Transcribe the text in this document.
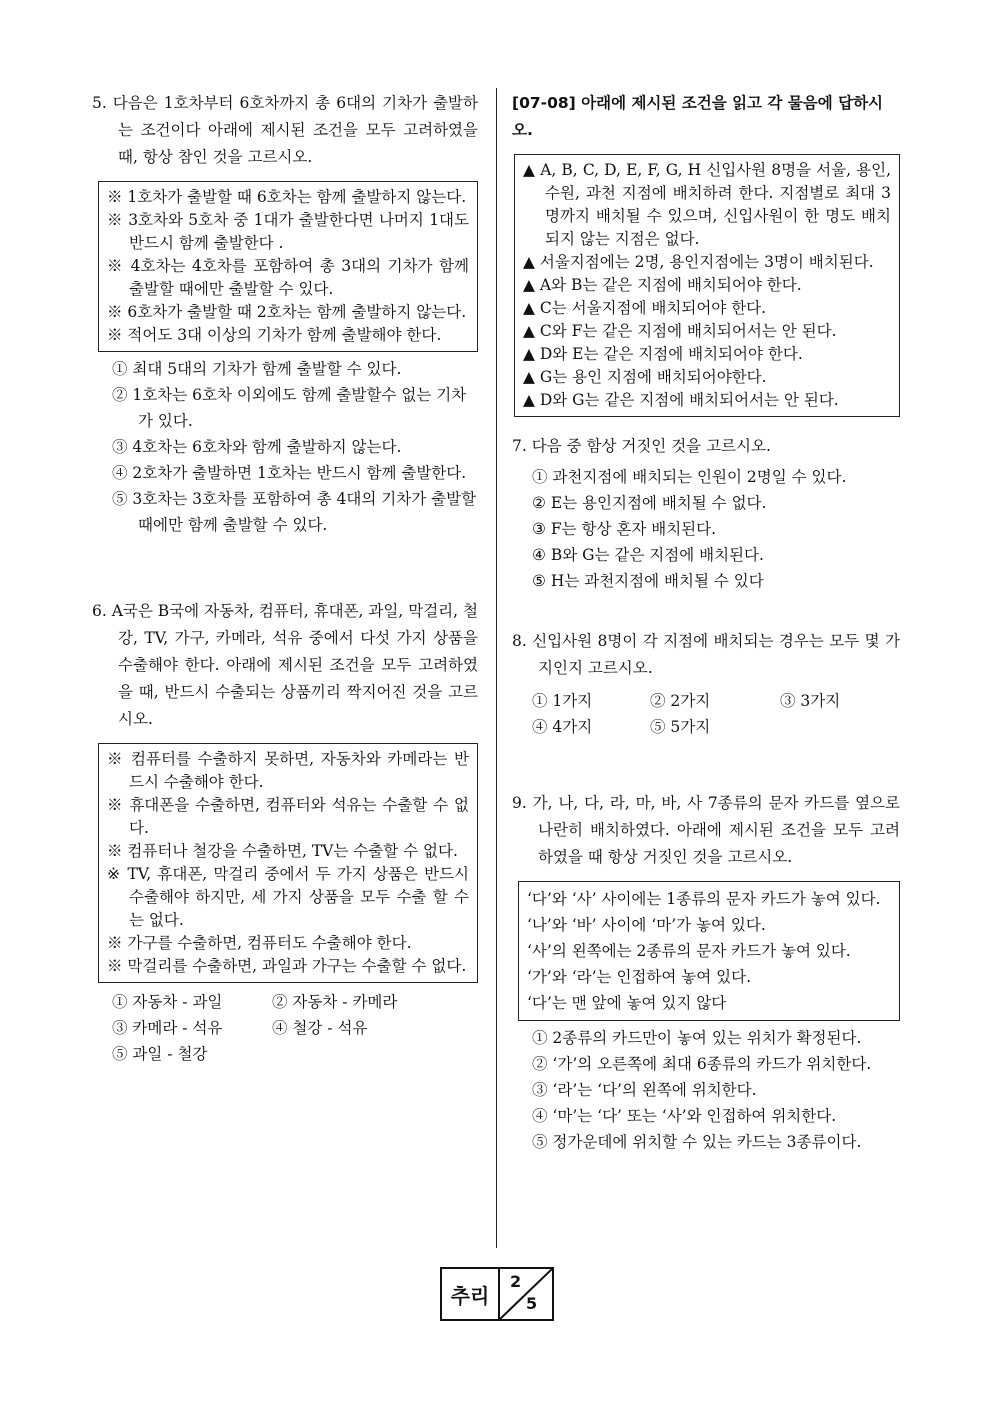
5. 다음은 1호차부터 6호차까지 총 6대의 기차가 출발하는 조건이다 아래에 제시된 조건을 모두 고려하였을 때, 항상 참인 것을 고르시오.

※ 1호차가 출발할 때 6호차는 함께 출발하지 않는다.

※ 3호차와 5호차 중 1대가 출발한다면 나머지 1대도 반드시 함께 출발한다 .

※ 4호차는 4호차를 포함하여 총 3대의 기차가 함께 출발할 때에만 출발할 수 있다.

※ 6호차가 출발할 때 2호차는 함께 출발하지 않는다.

※ 적어도 3대 이상의 기차가 함께 출발해야 한다.

① 최대 5대의 기차가 함께 출발할 수 있다.

② 1호차는 6호차 이외에도 함께 출발할수 없는 기차가 있다.

③ 4호차는 6호차와 함께 출발하지 않는다.

④ 2호차가 출발하면 1호차는 반드시 함께 출발한다.

⑤ 3호차는 3호차를 포함하여 총 4대의 기차가 출발할 때에만 함께 출발할 수 있다.

6. A국은 B국에 자동차, 컴퓨터, 휴대폰, 과일, 막걸리, 철강, TV, 가구, 카메라, 석유 중에서 다섯 가지 상품을 수출해야 한다. 아래에 제시된 조건을 모두 고려하였을 때, 반드시 수출되는 상품끼리 짝지어진 것을 고르시오.

※ 컴퓨터를 수출하지 못하면, 자동차와 카메라는 반드시 수출해야 한다.

※ 휴대폰을 수출하면, 컴퓨터와 석유는 수출할 수 없다.

※ 컴퓨터나 철강을 수출하면, TV는 수출할 수 없다.

※ TV, 휴대폰, 막걸리 중에서 두 가지 상품은 반드시 수출해야 하지만, 세 가지 상품을 모두 수출 할 수는 없다.

※ 가구를 수출하면, 컴퓨터도 수출해야 한다.

※ 막걸리를 수출하면, 과일과 가구는 수출할 수 없다.

① 자동차 - 과일	② 자동차 - 카메라
③ 카메라 - 석유	④ 철강 - 석유
⑤ 과일 - 철강

[07-08] 아래에 제시된 조건을 읽고 각 물음에 답하시오.

▲ A, B, C, D, E, F, G, H 신입사원 8명을 서울, 용인, 수원, 과천 지점에 배치하려 한다. 지점별로 최대 3명까지 배치될 수 있으며, 신입사원이 한 명도 배치되지 않는 지점은 없다.

▲ 서울지점에는 2명, 용인지점에는 3명이 배치된다.

▲ A와 B는 같은 지점에 배치되어야 한다.

▲ C는 서울지점에 배치되어야 한다.

▲ C와 F는 같은 지점에 배치되어서는 안 된다.

▲ D와 E는 같은 지점에 배치되어야 한다.

▲ G는 용인 지점에 배치되어야한다.

▲ D와 G는 같은 지점에 배치되어서는 안 된다.

7. 다음 중 함상 거짓인 것을 고르시오.

① 과천지점에 배치되는 인원이 2명일 수 있다.

② E는 용인지점에 배치될 수 없다.

③ F는 항상 혼자 배치된다.

④ B와 G는 같은 지점에 배치된다.

⑤ H는 과천지점에 배치될 수 있다

8. 신입사원 8명이 각 지점에 배치되는 경우는 모두 몇 가지인지 고르시오.

① 1가지	② 2가지	③ 3가지
④ 4가지	⑤ 5가지

9. 가, 나, 다, 라, 마, 바, 사 7종류의 문자 카드를 옆으로 나란히 배치하였다. 아래에 제시된 조건을 모두 고려하였을 때 항상 거짓인 것을 고르시오.

‘다’와 ‘사’ 사이에는 1종류의 문자 카드가 놓여 있다.

‘나’와 ‘바’ 사이에 ‘마’가 놓여 있다.

‘사’의 왼쪽에는 2종류의 문자 카드가 놓여 있다.

‘가’와 ‘라’는 인접하여 놓여 있다.

‘다’는 맨 앞에 놓여 있지 않다

① 2종류의 카드만이 놓여 있는 위치가 확정된다.

② ‘가’의 오른쪽에 최대 6종류의 카드가 위치한다.

③ ‘라’는 ‘다’의 왼쪽에 위치한다.

④ ‘마’는 ‘다’ 또는 ‘사’와 인접하여 위치한다.

⑤ 정가운데에 위치할 수 있는 카드는 3종류이다.

추리
2
5
